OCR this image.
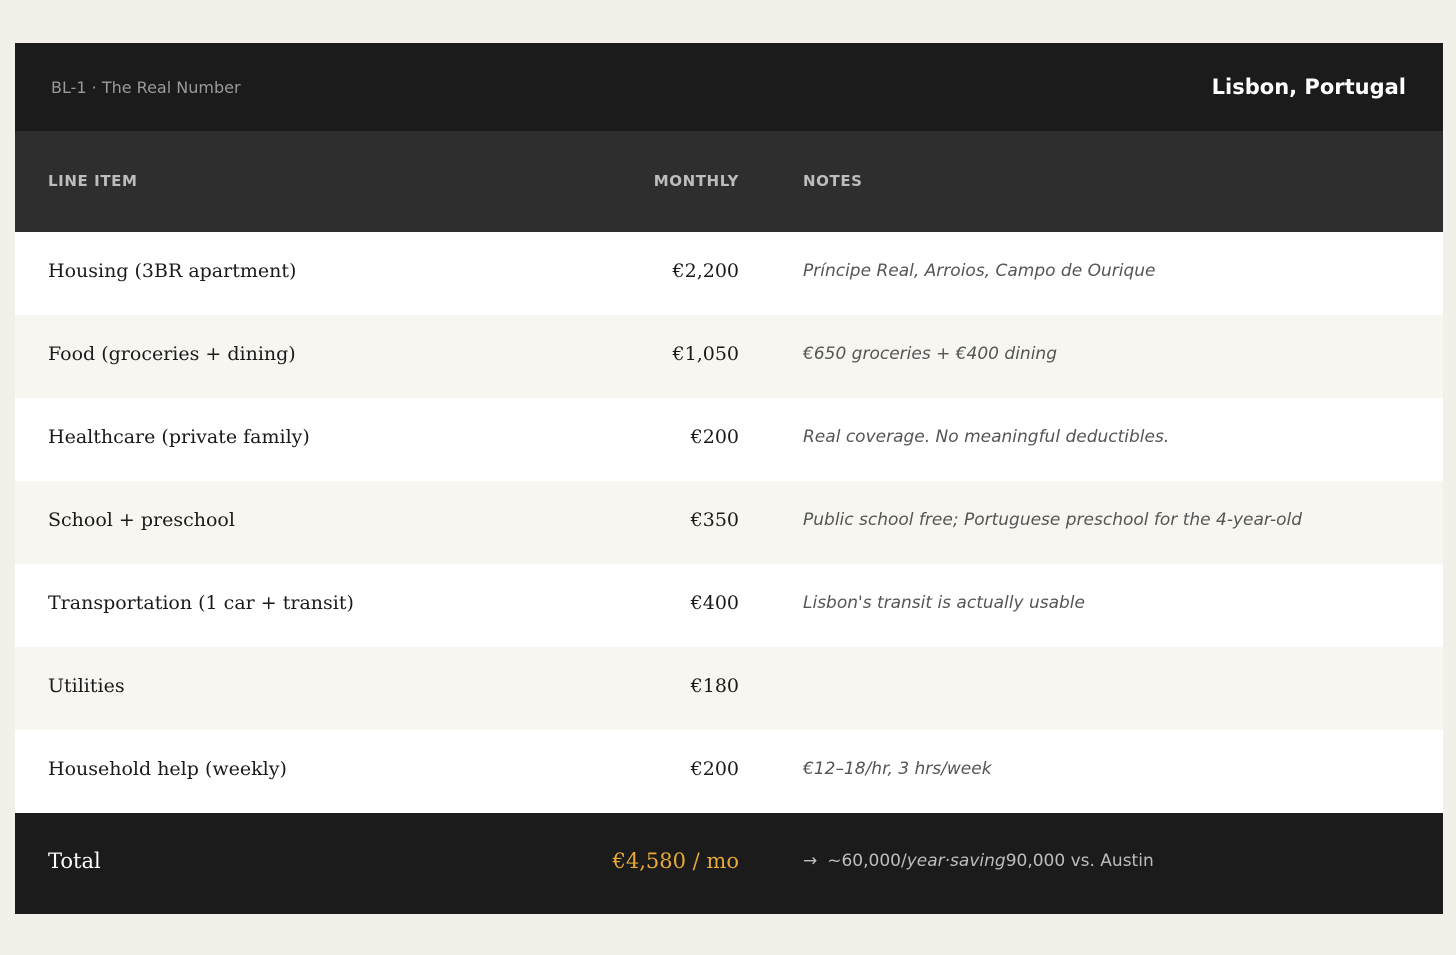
BL-1 · The Real Number	Lisbon, Portugal
LINE ITEM	MONTHLY	NOTES
Housing (3BR apartment)	€2,200	Príncipe Real, Arroios, Campo de Ourique
Food (groceries + dining)	€1,050	€650 groceries + €400 dining
Healthcare (private family)	€200	Real coverage. No meaningful deductibles.
School + preschool	€350	Public school free; Portuguese preschool for the 4-year-old
Transportation (1 car + transit)	€400	Lisbon's transit is actually usable
Utilities	€180
Household help (weekly)	€200	€12–18/hr, 3 hrs/week
Total	€4,580 / mo	→ ~60,000/year·saving90,000 vs. Austin
